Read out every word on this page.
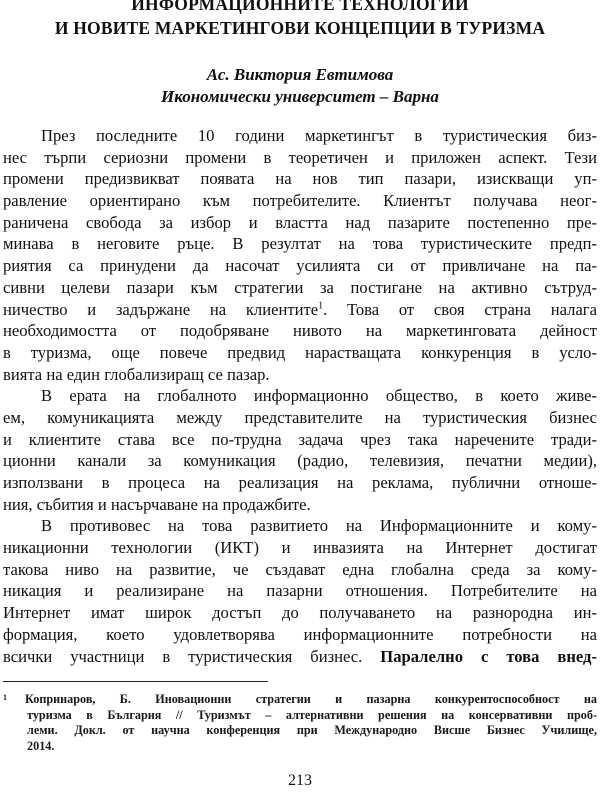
ИНФОРМАЦИОННИТЕ ТЕХНОЛОГИИ
И НОВИТЕ МАРКЕТИНГОВИ КОНЦЕПЦИИ В ТУРИЗМА
Ас. Виктория Евтимова
Икономически университет – Варна
През последните 10 години маркетингът в туристическия биз-
нес търпи сериозни промени в теоретичен и приложен аспект. Тези
промени предизвикват появата на нов тип пазари, изискващи уп-
равление ориентирано към потребителите. Клиентът получава неог-
раничена свобода за избор и властта над пазарите постепенно пре-
минава в неговите ръце. В резултат на това туристическите предп-
риятия са принудени да насочат усилията си от привличане на па-
сивни целеви пазари към стратегии за постигане на активно сътруд-
ничество и задържане на клиентите$^1$. Това от своя страна налага
необходимостта от подобряване нивото на маркетинговата дейност
в туризма, още повече предвид нарастващата конкуренция в усло-
вията на един глобализиращ се пазар.
В ерата на глобалното информационно общество, в което живе-
ем, комуникацията между представителите на туристическия бизнес
и клиентите става все по-трудна задача чрез така наречените тради-
ционни канали за комуникация (радио, телевизия, печатни медии),
използвани в процеса на реализация на реклама, публични отноше-
ния, събития и насърчаване на продажбите.
В противовес на това развитието на Информационните и кому-
никационни технологии (ИКТ) и инвазията на Интернет достигат
такова ниво на развитие, че създават една глобална среда за кому-
никация и реализиране на пазарни отношения. Потребителите на
Интернет имат широк достъп до получаването на разнородна ин-
формация, което удовлетворява информационните потребности на
всички участници в туристическия бизнес. Паралелно с това внед-
1 Копринаров, Б. Иновационни стратегии и пазарна конкурентоспособност на
туризма в България // Туризмът – алтернативни решения на консервативни проб-
леми. Докл. от научна конференция при Международно Висше Бизнес Училище,
2014.
213
